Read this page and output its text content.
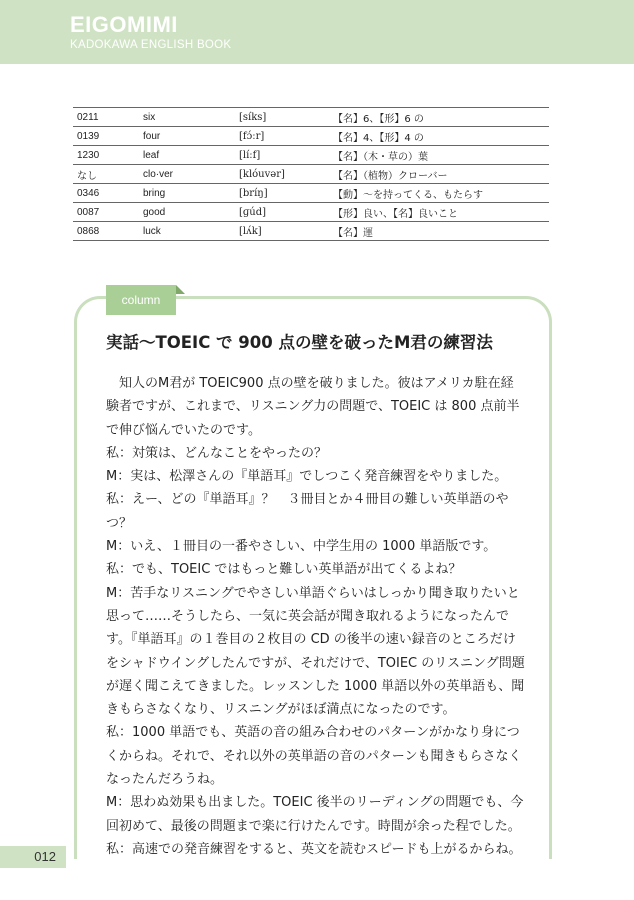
EIGOMIMI
KADOKAWA ENGLISH BOOK
0211	six	[síks]	【名】6、【形】6 の
0139	four	[fɔ́ːr]	【名】4、【形】4 の
1230	leaf	[líːf]	【名】（木・草の）葉
なし	clo·ver	[klóuvər]	【名】（植物）クローバー
0346	bring	[bríŋ]	【動】～を持ってくる、もたらす
0087	good	[ɡúd]	【形】良い、【名】良いこと
0868	luck	[lʌ́k]	【名】運
column
実話～TOEIC で 900 点の壁を破ったM君の練習法

知人のM君が TOEIC900 点の壁を破りました。彼はアメリカ駐在経験者ですが、これまで、リスニング力の問題で、TOEIC は 800 点前半で伸び悩んでいたのです。

私：対策は、どんなことをやったの？

M：実は、松澤さんの『単語耳』でしつこく発音練習をやりました。

私：えー、どの『単語耳』？　３冊目とか４冊目の難しい英単語のやつ？

M：いえ、１冊目の一番やさしい、中学生用の 1000 単語版です。

私：でも、TOEIC ではもっと難しい英単語が出てくるよね？

M：苦手なリスニングでやさしい単語ぐらいはしっかり聞き取りたいと思って……そうしたら、一気に英会話が聞き取れるようになったんです。『単語耳』の１巻目の２枚目の CD の後半の速い録音のところだけをシャドウイングしたんですが、それだけで、TOIEC のリスニング問題が遅く聞こえてきました。レッスンした 1000 単語以外の英単語も、聞きもらさなくなり、リスニングがほぼ満点になったのです。

私：1000 単語でも、英語の音の組み合わせのパターンがかなり身につくからね。それで、それ以外の英単語の音のパターンも聞きもらさなくなったんだろうね。

M：思わぬ効果も出ました。TOEIC 後半のリーディングの問題でも、今回初めて、最後の問題まで楽に行けたんです。時間が余った程でした。

私：高速での発音練習をすると、英文を読むスピードも上がるからね。

012
